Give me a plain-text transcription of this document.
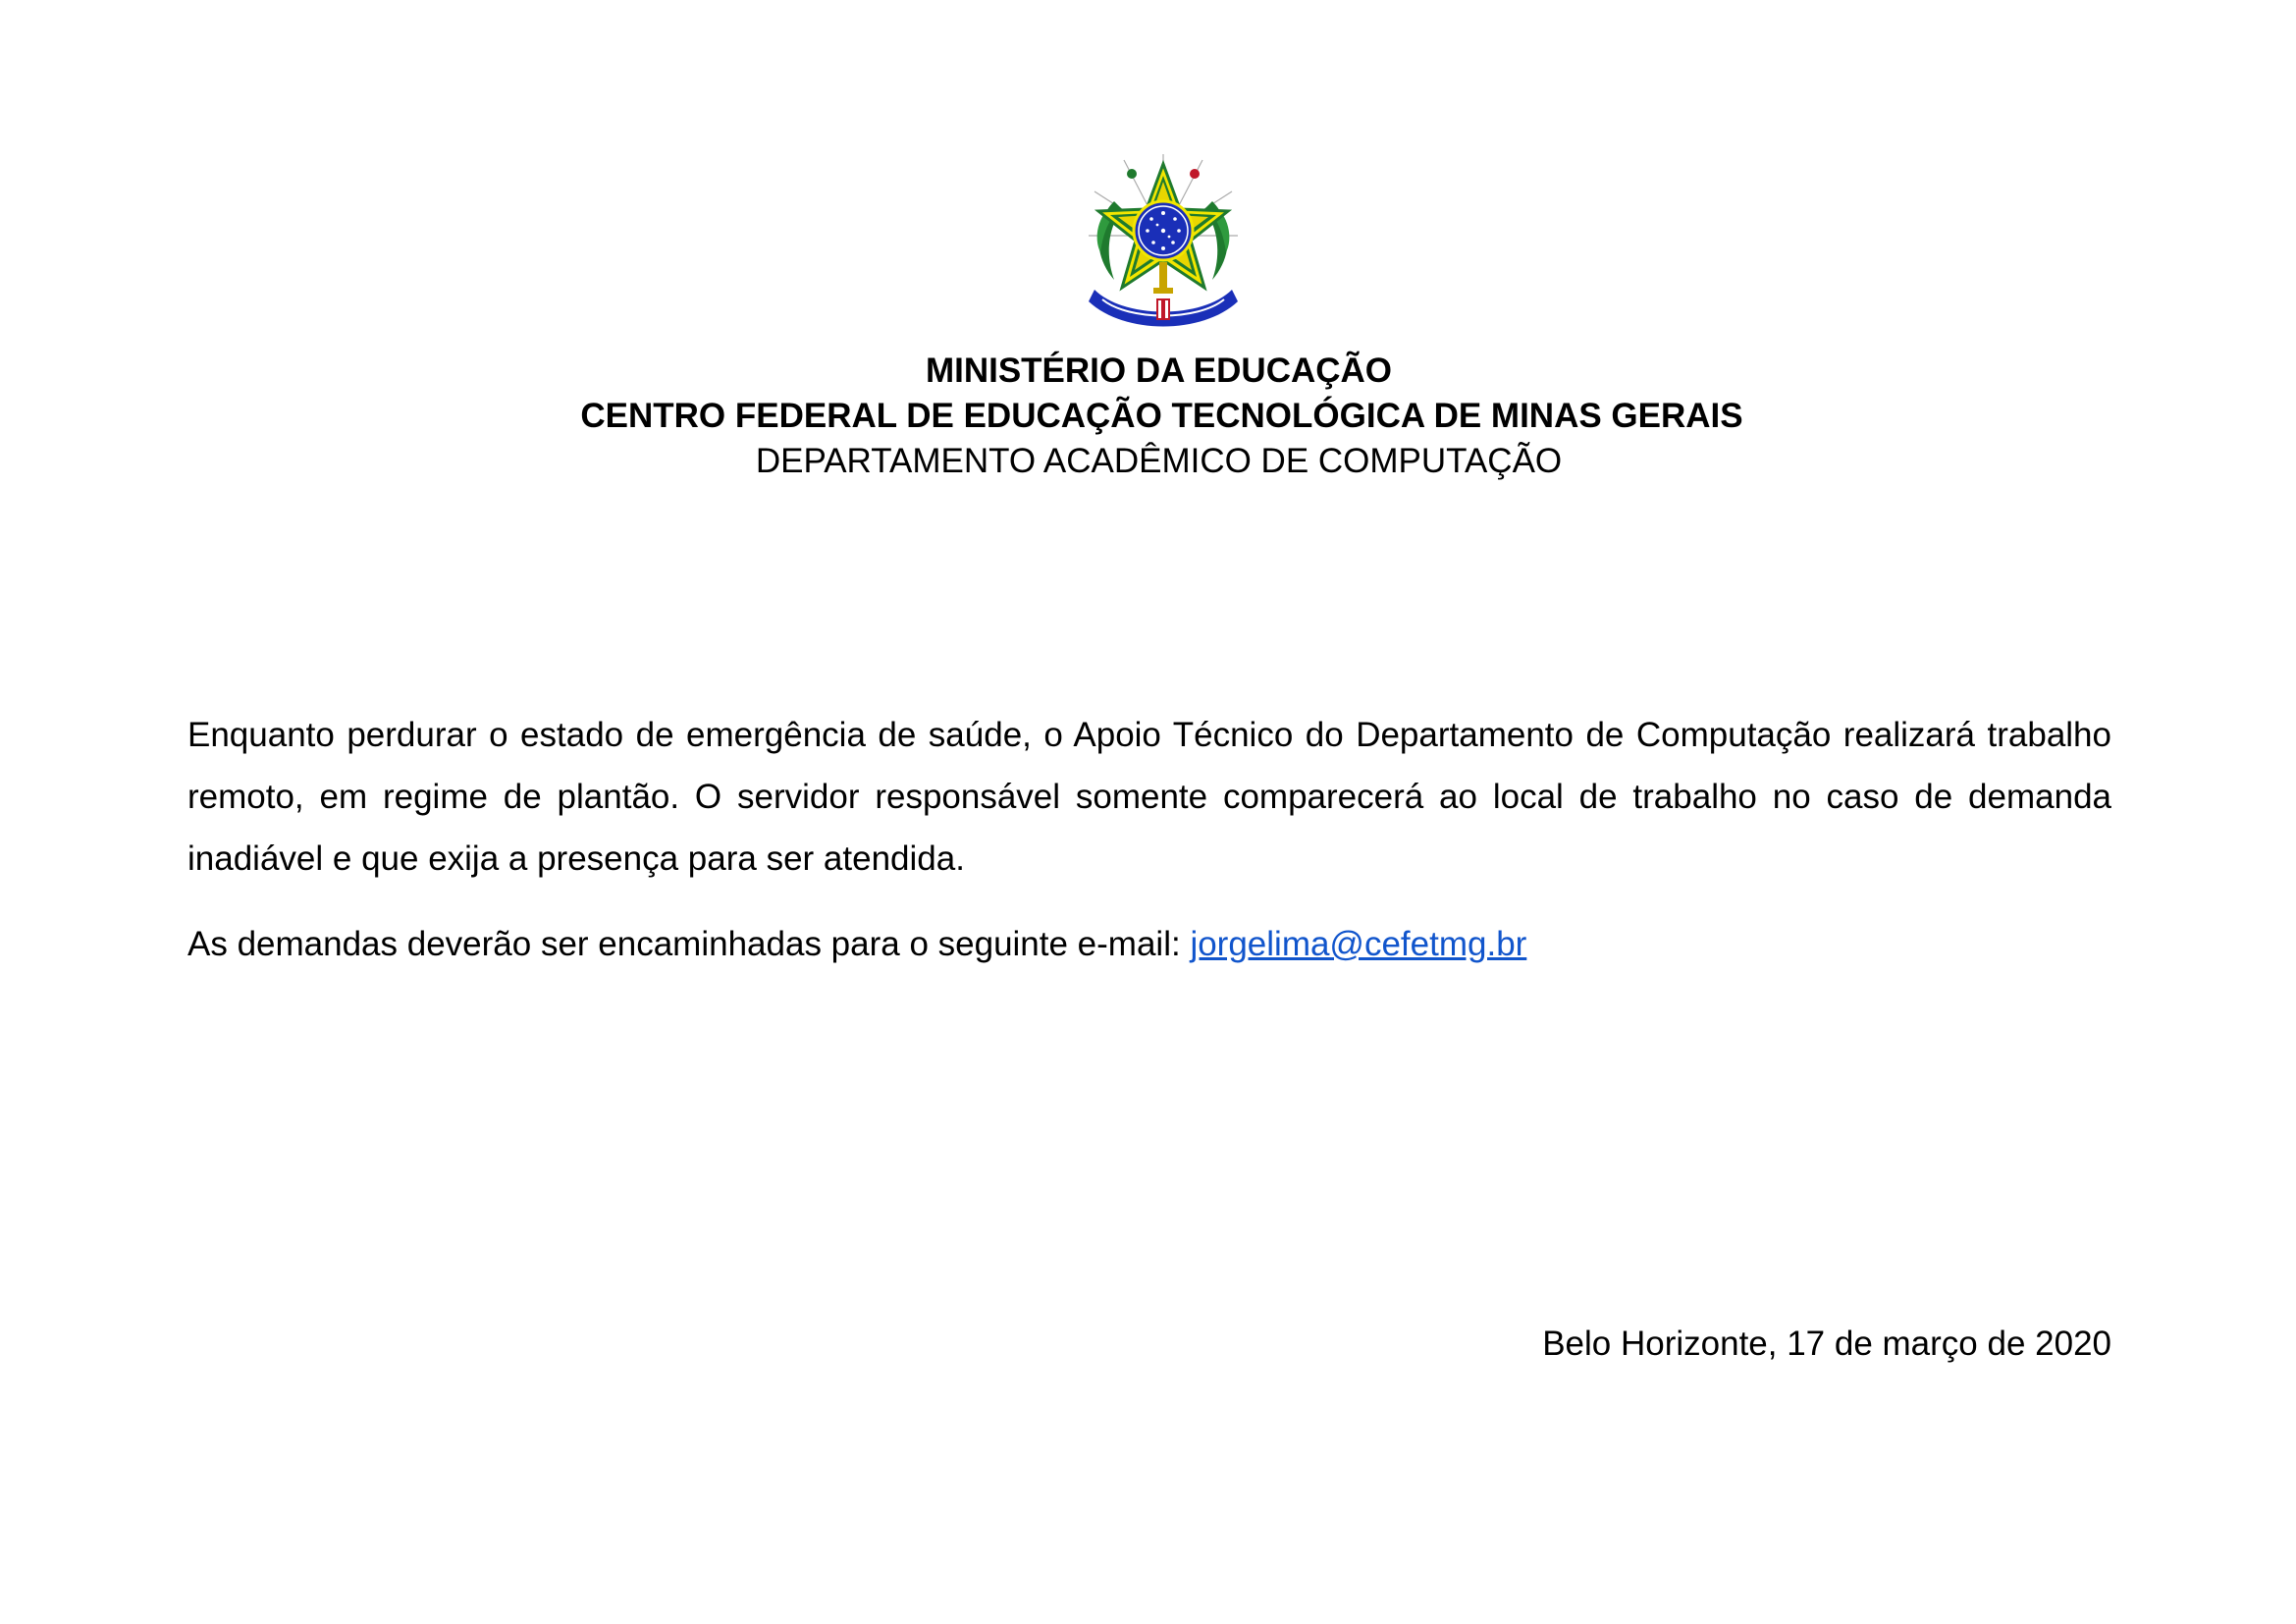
MINISTÉRIO DA EDUCAÇÃO
CENTRO FEDERAL DE EDUCAÇÃO TECNOLÓGICA DE MINAS GERAIS
DEPARTAMENTO ACADÊMICO DE COMPUTAÇÃO
Enquanto perdurar o estado de emergência de saúde, o Apoio Técnico do Departamento de Computação realizará trabalho remoto, em regime de plantão. O servidor responsável somente comparecerá ao local de trabalho no caso de demanda inadiável e que exija a presença para ser atendida.
As demandas deverão ser encaminhadas para o seguinte e-mail: jorgelima@cefetmg.br
Belo Horizonte, 17 de março de 2020
